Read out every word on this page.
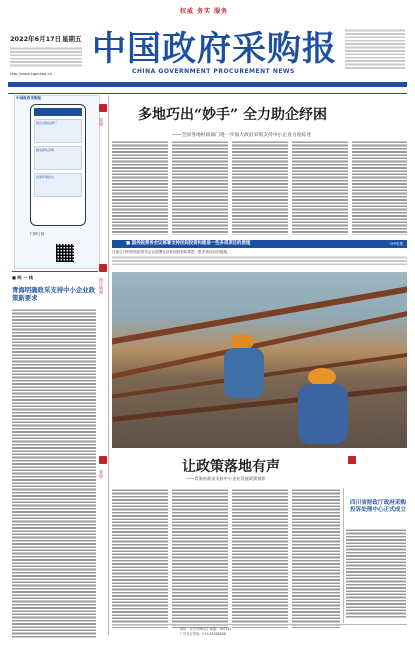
权威 务实 服务
2022年6月17日 星期五
http://www.cgpnews.cn
中国政府采购报
CHINA GOVERNMENT PROCUREMENT NEWS
中国政府采购报
政府采购法修订
推动绿色采购
营商环境优化
扫码订阅
■ 明 一 线
青海明确政采支持中小企业政策新要求
要闻
图片新闻
要闻
多地巧出“妙手” 全力助企纾困
——全国各地财政部门进一步加大政府采购支持中小企业力度综述
■ 国务院常务会议部署支持民间投资和推进一些多项项目的措施	CFP供图
日前召开的国务院常务会议部署支持民间投资和推进一批多项项目的措施。
让政策落地有声
——青海省政采支持中小企业发展政策掠影
四川省财政厅政府采购投诉处理中心正式成立
地址：北京市海淀区 邮编：100142
广告发行热线：010-88388888
